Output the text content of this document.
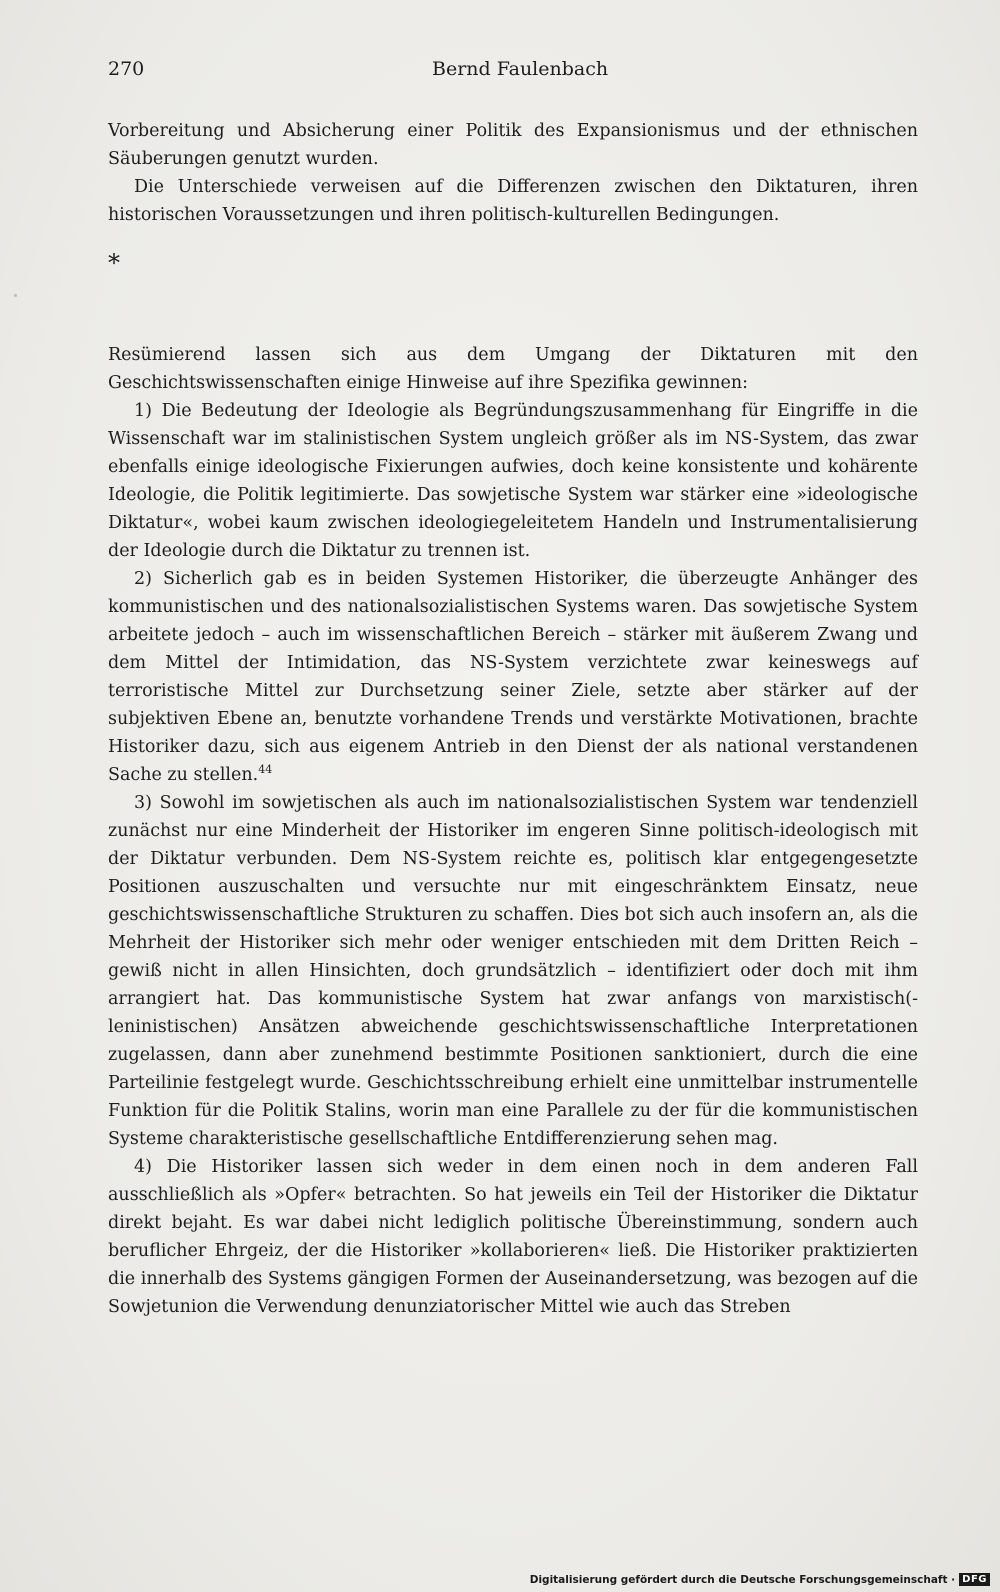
270	Bernd Faulenbach

Vorbereitung und Absicherung einer Politik des Expansionismus und der ethnischen Säuberungen genutzt wurden.

Die Unterschiede verweisen auf die Differenzen zwischen den Diktaturen, ihren historischen Voraussetzungen und ihren politisch-kulturellen Bedingungen.

*

Resümierend lassen sich aus dem Umgang der Diktaturen mit den Geschichtswissenschaften einige Hinweise auf ihre Spezifika gewinnen:

1) Die Bedeutung der Ideologie als Begründungszusammenhang für Eingriffe in die Wissenschaft war im stalinistischen System ungleich größer als im NS-System, das zwar ebenfalls einige ideologische Fixierungen aufwies, doch keine konsistente und kohärente Ideologie, die Politik legitimierte. Das sowjetische System war stärker eine »ideologische Diktatur«, wobei kaum zwischen ideologiegeleitetem Handeln und Instrumentalisierung der Ideologie durch die Diktatur zu trennen ist.

2) Sicherlich gab es in beiden Systemen Historiker, die überzeugte Anhänger des kommunistischen und des nationalsozialistischen Systems waren. Das sowjetische System arbeitete jedoch – auch im wissenschaftlichen Bereich – stärker mit äußerem Zwang und dem Mittel der Intimidation, das NS-System verzichtete zwar keineswegs auf terroristische Mittel zur Durchsetzung seiner Ziele, setzte aber stärker auf der subjektiven Ebene an, benutzte vorhandene Trends und verstärkte Motivationen, brachte Historiker dazu, sich aus eigenem Antrieb in den Dienst der als national verstandenen Sache zu stellen.$^{44}$

3) Sowohl im sowjetischen als auch im nationalsozialistischen System war tendenziell zunächst nur eine Minderheit der Historiker im engeren Sinne politisch-ideologisch mit der Diktatur verbunden. Dem NS-System reichte es, politisch klar entgegengesetzte Positionen auszuschalten und versuchte nur mit eingeschränktem Einsatz, neue geschichtswissenschaftliche Strukturen zu schaffen. Dies bot sich auch insofern an, als die Mehrheit der Historiker sich mehr oder weniger entschieden mit dem Dritten Reich – gewiß nicht in allen Hinsichten, doch grundsätzlich – identifiziert oder doch mit ihm arrangiert hat. Das kommunistische System hat zwar anfangs von marxistisch(-leninistischen) Ansätzen abweichende geschichtswissenschaftliche Interpretationen zugelassen, dann aber zunehmend bestimmte Positionen sanktioniert, durch die eine Parteilinie festgelegt wurde. Geschichtsschreibung erhielt eine unmittelbar instrumentelle Funktion für die Politik Stalins, worin man eine Parallele zu der für die kommunistischen Systeme charakteristische gesellschaftliche Entdifferenzierung sehen mag.

4) Die Historiker lassen sich weder in dem einen noch in dem anderen Fall ausschließlich als »Opfer« betrachten. So hat jeweils ein Teil der Historiker die Diktatur direkt bejaht. Es war dabei nicht lediglich politische Übereinstimmung, sondern auch beruflicher Ehrgeiz, der die Historiker »kollaborieren« ließ. Die Historiker praktizierten die innerhalb des Systems gängigen Formen der Auseinandersetzung, was bezogen auf die Sowjetunion die Verwendung denunziatorischer Mittel wie auch das Streben

Digitalisierung gefördert durch die Deutsche Forschungsgemeinschaft · DFG
